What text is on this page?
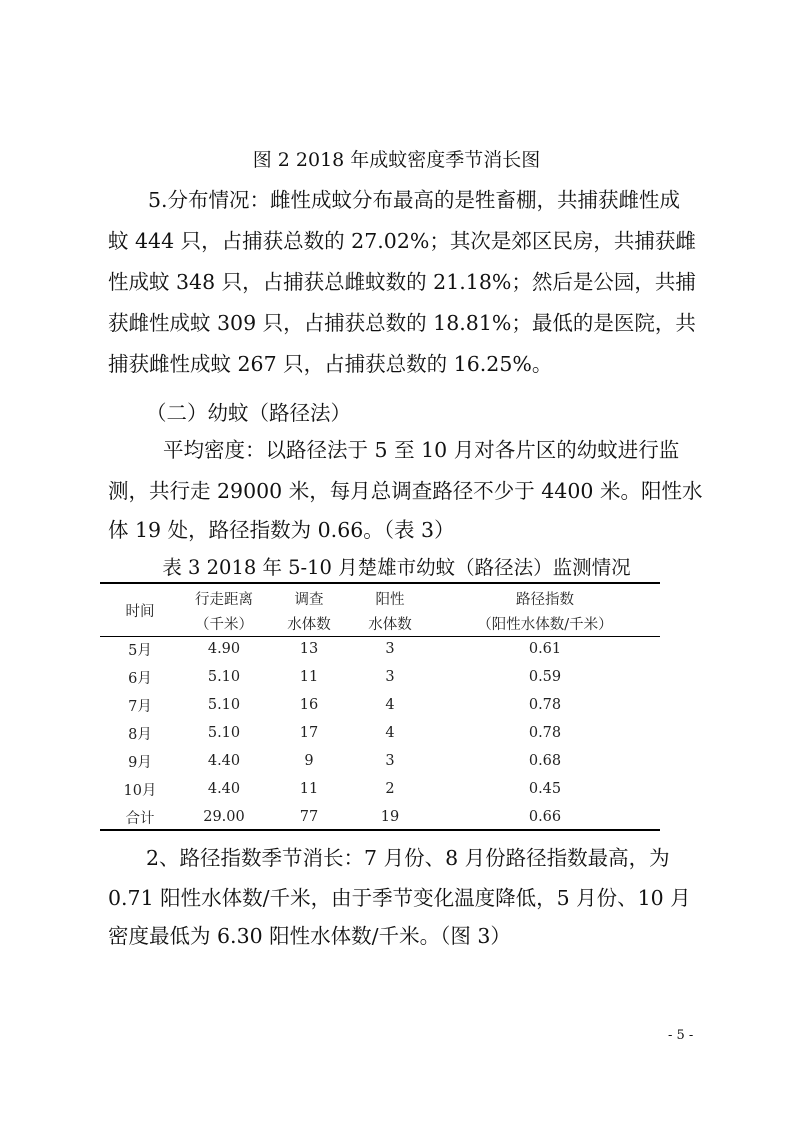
图 2 2018 年成蚊密度季节消长图
5.分布情况：雌性成蚊分布最高的是牲畜棚，共捕获雌性成
蚊 444 只，占捕获总数的 27.02%；其次是郊区民房，共捕获雌
性成蚊 348 只，占捕获总雌蚊数的 21.18%；然后是公园，共捕
获雌性成蚊 309 只，占捕获总数的 18.81%；最低的是医院，共
捕获雌性成蚊 267 只，占捕获总数的 16.25%。
（二）幼蚊（路径法）
平均密度：以路径法于 5 至 10 月对各片区的幼蚊进行监
测，共行走 29000 米，每月总调查路径不少于 4400 米。阳性水
体 19 处，路径指数为 0.66。（表 3）
表 3 2018 年 5-10 月楚雄市幼蚊（路径法）监测情况
时间	行走距离	调查	阳性	路径指数
	（千米）	水体数	水体数	（阳性水体数/千米）
5月	4.90	13	3	0.61
6月	5.10	11	3	0.59
7月	5.10	16	4	0.78
8月	5.10	17	4	0.78
9月	4.40	9	3	0.68
10月	4.40	11	2	0.45
合计	29.00	77	19	0.66
2、路径指数季节消长：7 月份、8 月份路径指数最高，为
0.71 阳性水体数/千米，由于季节变化温度降低，5 月份、10 月
密度最低为 6.30 阳性水体数/千米。（图 3）
- 5 -
